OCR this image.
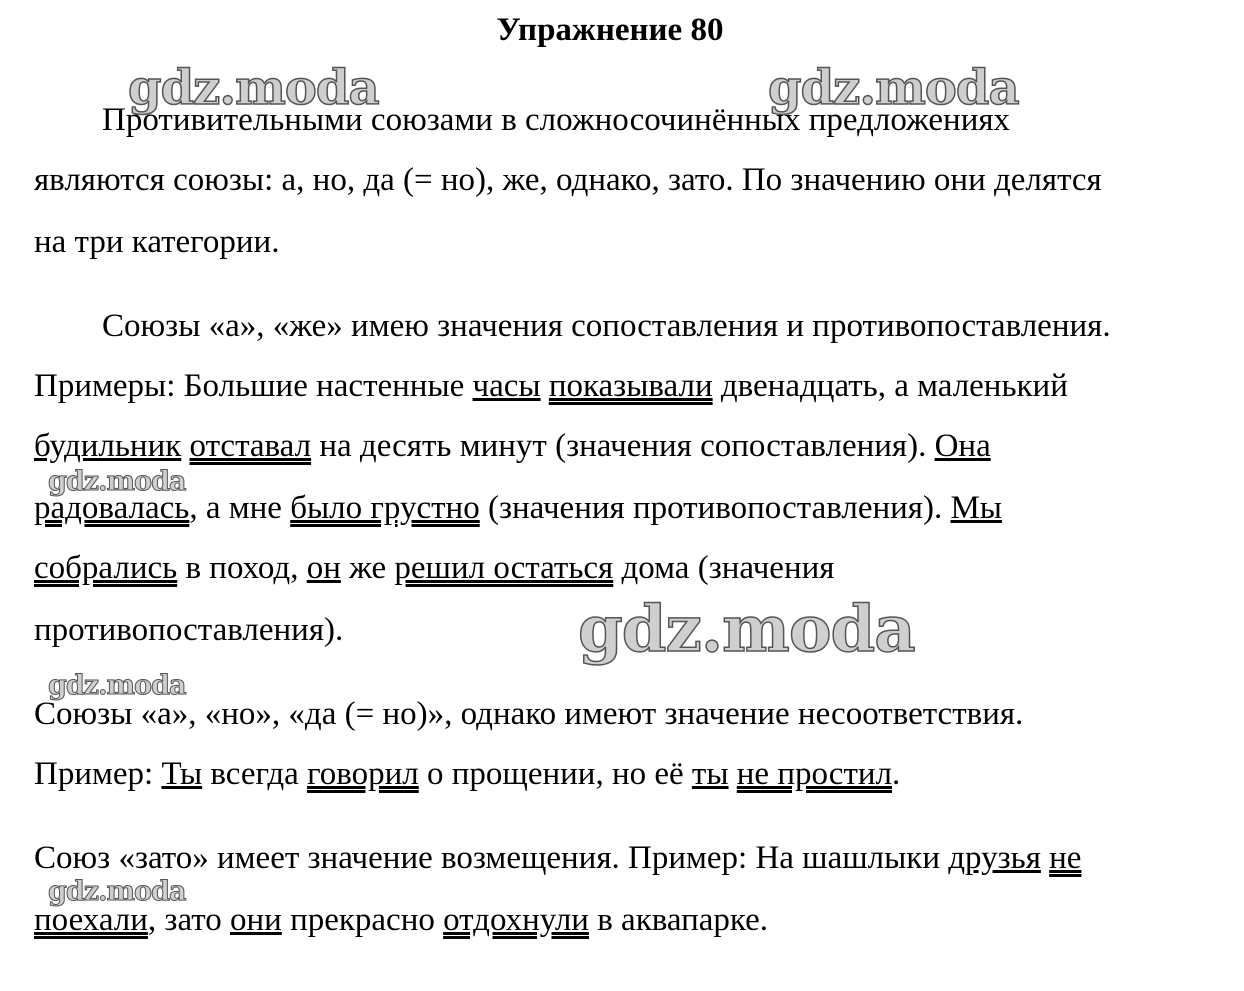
Упражнение 80
gdz.moda	gdz.moda
gdz.moda
gdz.moda
gdz.moda
gdz.moda
Противительными союзами в сложносочинённых предложениях
являются союзы: а, но, да (= но), же, однако, зато. По значению они делятся
на три категории.
Союзы «а», «же» имею значения сопоставления и противопоставления.
Примеры: Большие настенные часы показывали двенадцать, а маленький
будильник отставал на десять минут (значения сопоставления). Она
радовалась, а мне было грустно (значения противопоставления). Мы
собрались в поход, он же решил остаться дома (значения
противопоставления).
Союзы «а», «но», «да (= но)», однако имеют значение несоответствия.
Пример: Ты всегда говорил о прощении, но её ты не простил.
Союз «зато» имеет значение возмещения. Пример: На шашлыки друзья не
поехали, зато они прекрасно отдохнули в аквапарке.
